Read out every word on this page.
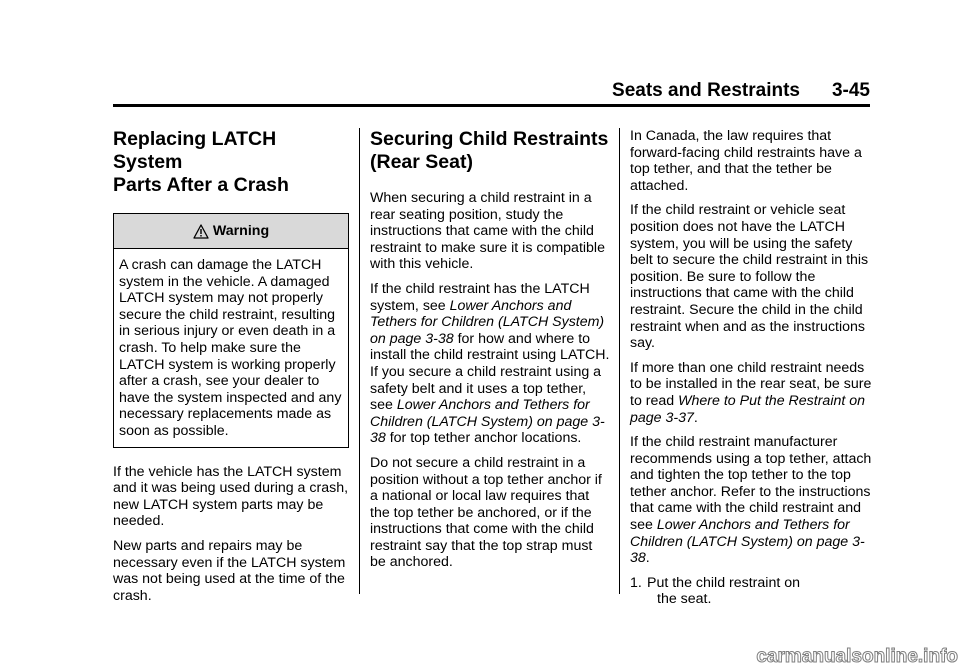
Seats and Restraints 3-45
Replacing LATCH System
Parts After a Crash
Warning

A crash can damage the LATCH system in the vehicle. A damaged LATCH system may not properly secure the child restraint, resulting in serious injury or even death in a crash. To help make sure the LATCH system is working properly after a crash, see your dealer to have the system inspected and any necessary replacements made as soon as possible.

If the vehicle has the LATCH system and it was being used during a crash, new LATCH system parts may be needed.

New parts and repairs may be necessary even if the LATCH system was not being used at the time of the crash.

Securing Child Restraints
(Rear Seat)

When securing a child restraint in a rear seating position, study the instructions that came with the child restraint to make sure it is compatible with this vehicle.

If the child restraint has the LATCH system, see Lower Anchors and Tethers for Children (LATCH System) on page 3-38 for how and where to install the child restraint using LATCH. If you secure a child restraint using a safety belt and it uses a top tether, see Lower Anchors and Tethers for Children (LATCH System) on page 3-38 for top tether anchor locations.

Do not secure a child restraint in a position without a top tether anchor if a national or local law requires that the top tether be anchored, or if the instructions that come with the child restraint say that the top strap must be anchored.

In Canada, the law requires that forward-facing child restraints have a top tether, and that the tether be attached.

If the child restraint or vehicle seat position does not have the LATCH system, you will be using the safety belt to secure the child restraint in this position. Be sure to follow the instructions that came with the child restraint. Secure the child in the child restraint when and as the instructions say.

If more than one child restraint needs to be installed in the rear seat, be sure to read Where to Put the Restraint on page 3-37.

If the child restraint manufacturer recommends using a top tether, attach and tighten the top tether to the top tether anchor. Refer to the instructions that came with the child restraint and see Lower Anchors and Tethers for Children (LATCH System) on page 3-38.

1. Put the child restraint on
the seat.
carmanualsonline.info
